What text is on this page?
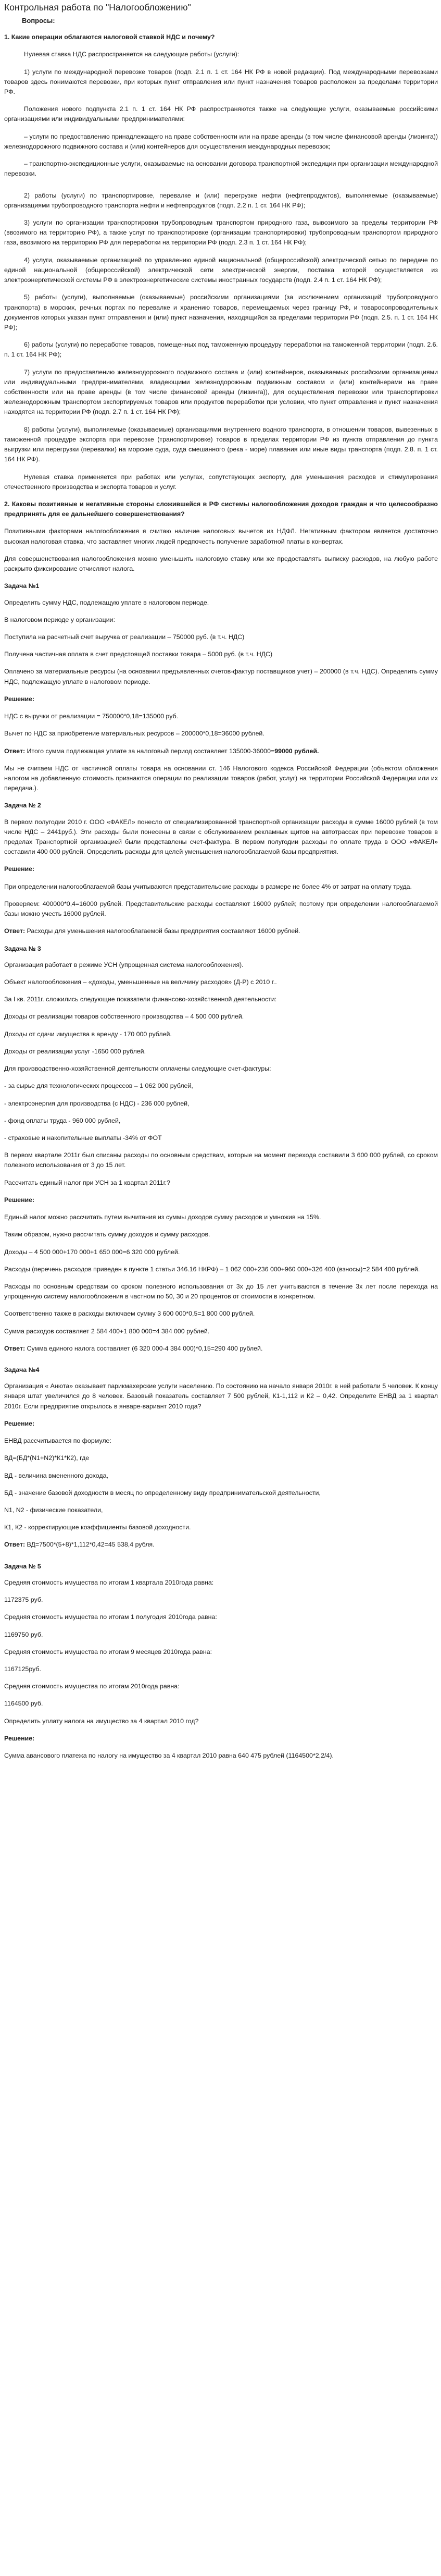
Контрольная работа по "Налогообложению"
Вопросы:

1. Какие операции облагаются налоговой ставкой НДС и почему?

Нулевая ставка НДС распространяется на следующие работы (услуги):

1) услуги по международной перевозке товаров (подп. 2.1 п. 1 ст. 164 НК РФ в новой редакции). Под международными перевозками товаров здесь понимаются перевозки, при которых пункт отправления или пункт назначения товаров расположен за пределами территории РФ.

Положения нового подпункта 2.1 п. 1 ст. 164 НК РФ распространяются также на следующие услуги, оказываемые российскими организациями или индивидуальными предпринимателями:

– услуги по предоставлению принадлежащего на праве собственности или на праве аренды (в том числе финансовой аренды (лизинга)) железнодорожного подвижного состава и (или) контейнеров для осуществления международных перевозок;

– транспортно-экспедиционные услуги, оказываемые на основании договора транспортной экспедиции при организации международной перевозки.

2) работы (услуги) по транспортировке, перевалке и (или) перегрузке нефти (нефтепродуктов), выполняемые (оказываемые) организациями трубопроводного транспорта нефти и нефтепродуктов (подп. 2.2 п. 1 ст. 164 НК РФ);

3) услуги по организации транспортировки трубопроводным транспортом природного газа, вывозимого за пределы территории РФ (ввозимого на территорию РФ), а также услуг по транспортировке (организации транспортировки) трубопроводным транспортом природного газа, ввозимого на территорию РФ для переработки на территории РФ (подп. 2.3 п. 1 ст. 164 НК РФ);

4) услуги, оказываемые организацией по управлению единой национальной (общероссийской) электрической сетью по передаче по единой национальной (общероссийской) электрической сети электрической энергии, поставка которой осуществляется из электроэнергетической системы РФ в электроэнергетические системы иностранных государств (подп. 2.4 п. 1 ст. 164 НК РФ);

5) работы (услуги), выполняемые (оказываемые) российскими организациями (за исключением организаций трубопроводного транспорта) в морских, речных портах по перевалке и хранению товаров, перемещаемых через границу РФ, и товаросопроводительных документов которых указан пункт отправления и (или) пункт назначения, находящийся за пределами территории РФ (подп. 2.5. п. 1 ст. 164 НК РФ);

6) работы (услуги) по переработке товаров, помещенных под таможенную процедуру переработки на таможенной территории (подп. 2.6. п. 1 ст. 164 НК РФ);

7) услуги по предоставлению железнодорожного подвижного состава и (или) контейнеров, оказываемых российскими организациями или индивидуальными предпринимателями, владеющими железнодорожным подвижным составом и (или) контейнерами на праве собственности или на праве аренды (в том числе финансовой аренды (лизинга)), для осуществления перевозки или транспортировки железнодорожным транспортом экспортируемых товаров или продуктов переработки при условии, что пункт отправления и пункт назначения находятся на территории РФ (подп. 2.7 п. 1 ст. 164 НК РФ);

8) работы (услуги), выполняемые (оказываемые) организациями внутреннего водного транспорта, в отношении товаров, вывезенных в таможенной процедуре экспорта при перевозке (транспортировке) товаров в пределах территории РФ из пункта отправления до пункта выгрузки или перегрузки (перевалки) на морские суда, суда смешанного (река - море) плавания или иные виды транспорта (подп. 2.8. п. 1 ст. 164 НК РФ).

Нулевая ставка применяется при работах или услугах, сопутствующих экспорту, для уменьшения расходов и стимулирования отечественного производства и экспорта товаров и услуг.

2. Каковы позитивные и негативные стороны сложившейся в РФ системы налогообложения доходов граждан и что целесообразно предпринять для ее дальнейшего совершенствования?

Позитивными факторами налогообложения я считаю наличие налоговых вычетов из НДФЛ. Негативным фактором является достаточно высокая налоговая ставка, что заставляет многих людей предпочесть получение заработной платы в конвертах.

Для совершенствования налогообложения можно уменьшить налоговую ставку или же предоставлять выписку расходов, на любую работе раскрыто фиксирование отчисляют налога.

Задача №1

Определить сумму НДС, подлежащую уплате в налоговом периоде.

В налоговом периоде у организации:

Поступила на расчетный счет выручка от реализации – 750000 руб. (в т.ч. НДС)

Получена частичная оплата в счет предстоящей поставки товара – 5000 руб. (в т.ч. НДС)

Оплачено за материальные ресурсы (на основании предъявленных счетов-фактур поставщиков учет) – 200000 (в т.ч. НДС). Определить сумму НДС, подлежащую уплате в налоговом периоде.

Решение:

НДС с выручки от реализации = 750000*0,18=135000 руб.

Вычет по НДС за приобретение материальных ресурсов – 200000*0,18=36000 рублей.

Ответ: Итого сумма подлежащая уплате за налоговый период составляет 135000-36000=99000 рублей.

Мы не считаем НДС от частичной оплаты товара на основании ст. 146 Налогового кодекса Российской Федерации (объектом обложения налогом на добавленную стоимость признаются операции по реализации товаров (работ, услуг) на территории Российской Федерации или их передача.).

Задача № 2

В первом полугодии 2010 г. ООО «ФАКЕЛ» понесло от специализированной транспортной организации расходы в сумме 16000 рублей (в том числе НДС – 2441руб.). Эти расходы были понесены в связи с обслуживанием рекламных щитов на автотрассах при перевозке товаров в пределах Транспортной организацией были представлены счет-фактура. В первом полугодии расходы по оплате труда в ООО «ФАКЕЛ» составили 400 000 рублей. Определить расходы для целей уменьшения налогооблагаемой базы предприятия.

Решение:

При определении налогооблагаемой базы учитываются представительские расходы в размере не более 4% от затрат на оплату труда.

Проверяем: 400000*0,4=16000 рублей. Представительские расходы составляют 16000 рублей; поэтому при определении налогооблагаемой базы можно учесть 16000 рублей.

Ответ: Расходы для уменьшения налогооблагаемой базы предприятия составляют 16000 рублей.

Задача № 3

Организация работает в режиме УСН (упрощенная система налогообложения).

Объект налогообложения – «доходы, уменьшенные на величину расходов» (Д-Р) с 2010 г..

За I кв. 2011г. сложились следующие показатели финансово-хозяйственной деятельности:

Доходы от реализации товаров собственного производства – 4 500 000 рублей.

Доходы от сдачи имущества в аренду - 170 000 рублей.

Доходы от реализации услуг -1650 000 рублей.

Для производственно-хозяйственной деятельности оплачены следующие счет-фактуры:

- за сырье для технологических процессов – 1 062 000 рублей,

- электроэнергия для производства (с НДС) - 236 000 рублей,

- фонд оплаты труда - 960 000 рублей,

- страховые и накопительные выплаты -34% от ФОТ

В первом квартале 2011г был списаны расходы по основным средствам, которые на момент перехода составили 3 600 000 рублей, со сроком полезного использования от 3 до 15 лет.

Рассчитать единый налог при УСН за 1 квартал 2011г.?

Решение:

Единый налог можно рассчитать путем вычитания из суммы доходов сумму расходов и умножив на 15%.

Таким образом, нужно рассчитать сумму доходов и сумму расходов.

Доходы – 4 500 000+170 000+1 650 000=6 320 000 рублей.

Расходы (перечень расходов приведен в пункте 1 статьи 346.16 НКРФ) – 1 062 000+236 000+960 000+326 400 (взносы)=2 584 400 рублей.

Расходы по основным средствам со сроком полезного использования от 3х до 15 лет учитываются в течение 3х лет после перехода на упрощенную систему налогообложения в частном по 50, 30 и 20 процентов от стоимости в конкретном.

Соответственно также в расходы включаем сумму 3 600 000*0,5=1 800 000 рублей.

Сумма расходов составляет 2 584 400+1 800 000=4 384 000 рублей.

Ответ: Сумма единого налога составляет (6 320 000-4 384 000)*0,15=290 400 рублей.

Задача №4

Организация « Анюта» оказывает парикмахерские услуги населению. По состоянию на начало января 2010г. в ней работали 5 человек. К концу января штат увеличился до 8 человек. Базовый показатель составляет 7 500 рублей, К1-1,112 и К2 – 0,42. Определите ЕНВД за 1 квартал 2010г. Если предприятие открылось в январе-вариант 2010 года?

Решение:

ЕНВД рассчитывается по формуле:

ВД=(БД*(N1+N2)*К1*К2), где

ВД - величина вмененного дохода,

БД - значение базовой доходности в месяц по определенному виду предпринимательской деятельности,

N1, N2 - физические показатели,

К1, К2 - корректирующие коэффициенты базовой доходности.

Ответ: ВД=7500*(5+8)*1,112*0,42=45 538,4 рубля.

Задача № 5

Средняя стоимость имущества по итогам 1 квартала 2010года равна:

1172375 руб.

Средняя стоимость имущества по итогам 1 полугодия 2010года равна:

1169750 руб.

Средняя стоимость имущества по итогам 9 месяцев 2010года равна:

1167125руб.

Средняя стоимость имущества по итогам 2010года равна:

1164500 руб.

Определить уплату налога на имущество за 4 квартал 2010 год?

Решение:

Сумма авансового платежа по налогу на имущество за 4 квартал 2010 равна 640 475 рублей (1164500*2,2/4).
